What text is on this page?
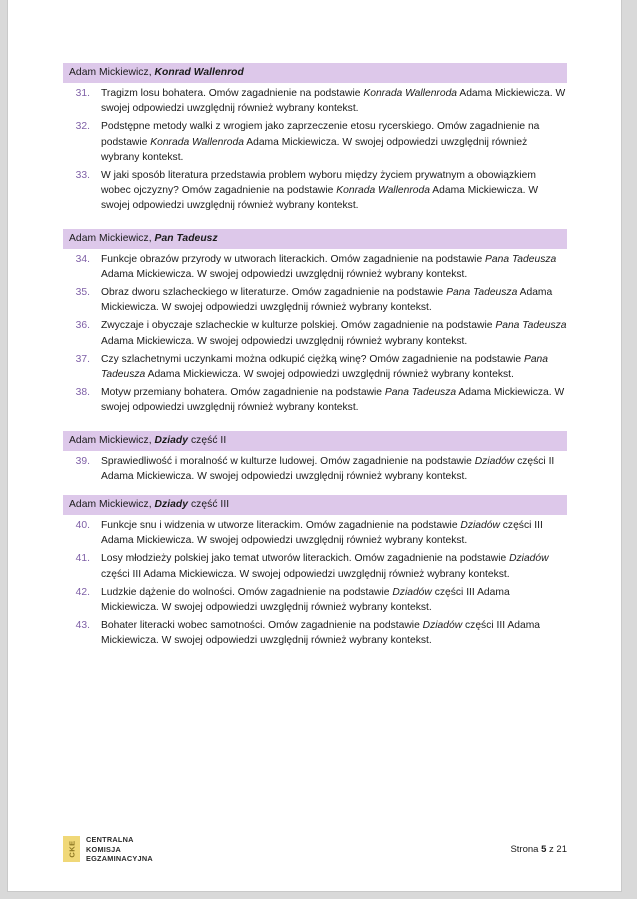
Adam Mickiewicz, Konrad Wallenrod
31.	Tragizm losu bohatera. Omów zagadnienie na podstawie Konrada Wallenroda Adama Mickiewicza. W swojej odpowiedzi uwzględnij również wybrany kontekst.
32.	Podstępne metody walki z wrogiem jako zaprzeczenie etosu rycerskiego. Omów zagadnienie na podstawie Konrada Wallenroda Adama Mickiewicza. W swojej odpowiedzi uwzględnij również wybrany kontekst.
33.	W jaki sposób literatura przedstawia problem wyboru między życiem prywatnym a obowiązkiem wobec ojczyzny? Omów zagadnienie na podstawie Konrada Wallenroda Adama Mickiewicza. W swojej odpowiedzi uwzględnij również wybrany kontekst.
Adam Mickiewicz, Pan Tadeusz
34.	Funkcje obrazów przyrody w utworach literackich. Omów zagadnienie na podstawie Pana Tadeusza Adama Mickiewicza. W swojej odpowiedzi uwzględnij również wybrany kontekst.
35.	Obraz dworu szlacheckiego w literaturze. Omów zagadnienie na podstawie Pana Tadeusza Adama Mickiewicza. W swojej odpowiedzi uwzględnij również wybrany kontekst.
36.	Zwyczaje i obyczaje szlacheckie w kulturze polskiej. Omów zagadnienie na podstawie Pana Tadeusza Adama Mickiewicza. W swojej odpowiedzi uwzględnij również wybrany kontekst.
37.	Czy szlachetnymi uczynkami można odkupić ciężką winę? Omów zagadnienie na podstawie Pana Tadeusza Adama Mickiewicza. W swojej odpowiedzi uwzględnij również wybrany kontekst.
38.	Motyw przemiany bohatera. Omów zagadnienie na podstawie Pana Tadeusza Adama Mickiewicza. W swojej odpowiedzi uwzględnij również wybrany kontekst.
Adam Mickiewicz, Dziady część II
39.	Sprawiedliwość i moralność w kulturze ludowej. Omów zagadnienie na podstawie Dziadów części II Adama Mickiewicza. W swojej odpowiedzi uwzględnij również wybrany kontekst.
Adam Mickiewicz, Dziady część III
40.	Funkcje snu i widzenia w utworze literackim. Omów zagadnienie na podstawie Dziadów części III Adama Mickiewicza. W swojej odpowiedzi uwzględnij również wybrany kontekst.
41.	Losy młodzieży polskiej jako temat utworów literackich. Omów zagadnienie na podstawie Dziadów części III Adama Mickiewicza. W swojej odpowiedzi uwzględnij również wybrany kontekst.
42.	Ludzkie dążenie do wolności. Omów zagadnienie na podstawie Dziadów części III Adama Mickiewicza. W swojej odpowiedzi uwzględnij również wybrany kontekst.
43.	Bohater literacki wobec samotności. Omów zagadnienie na podstawie Dziadów części III Adama Mickiewicza. W swojej odpowiedzi uwzględnij również wybrany kontekst.
CKE
CENTRALNA
KOMISJA
EGZAMINACYJNA
Strona 5 z 21
